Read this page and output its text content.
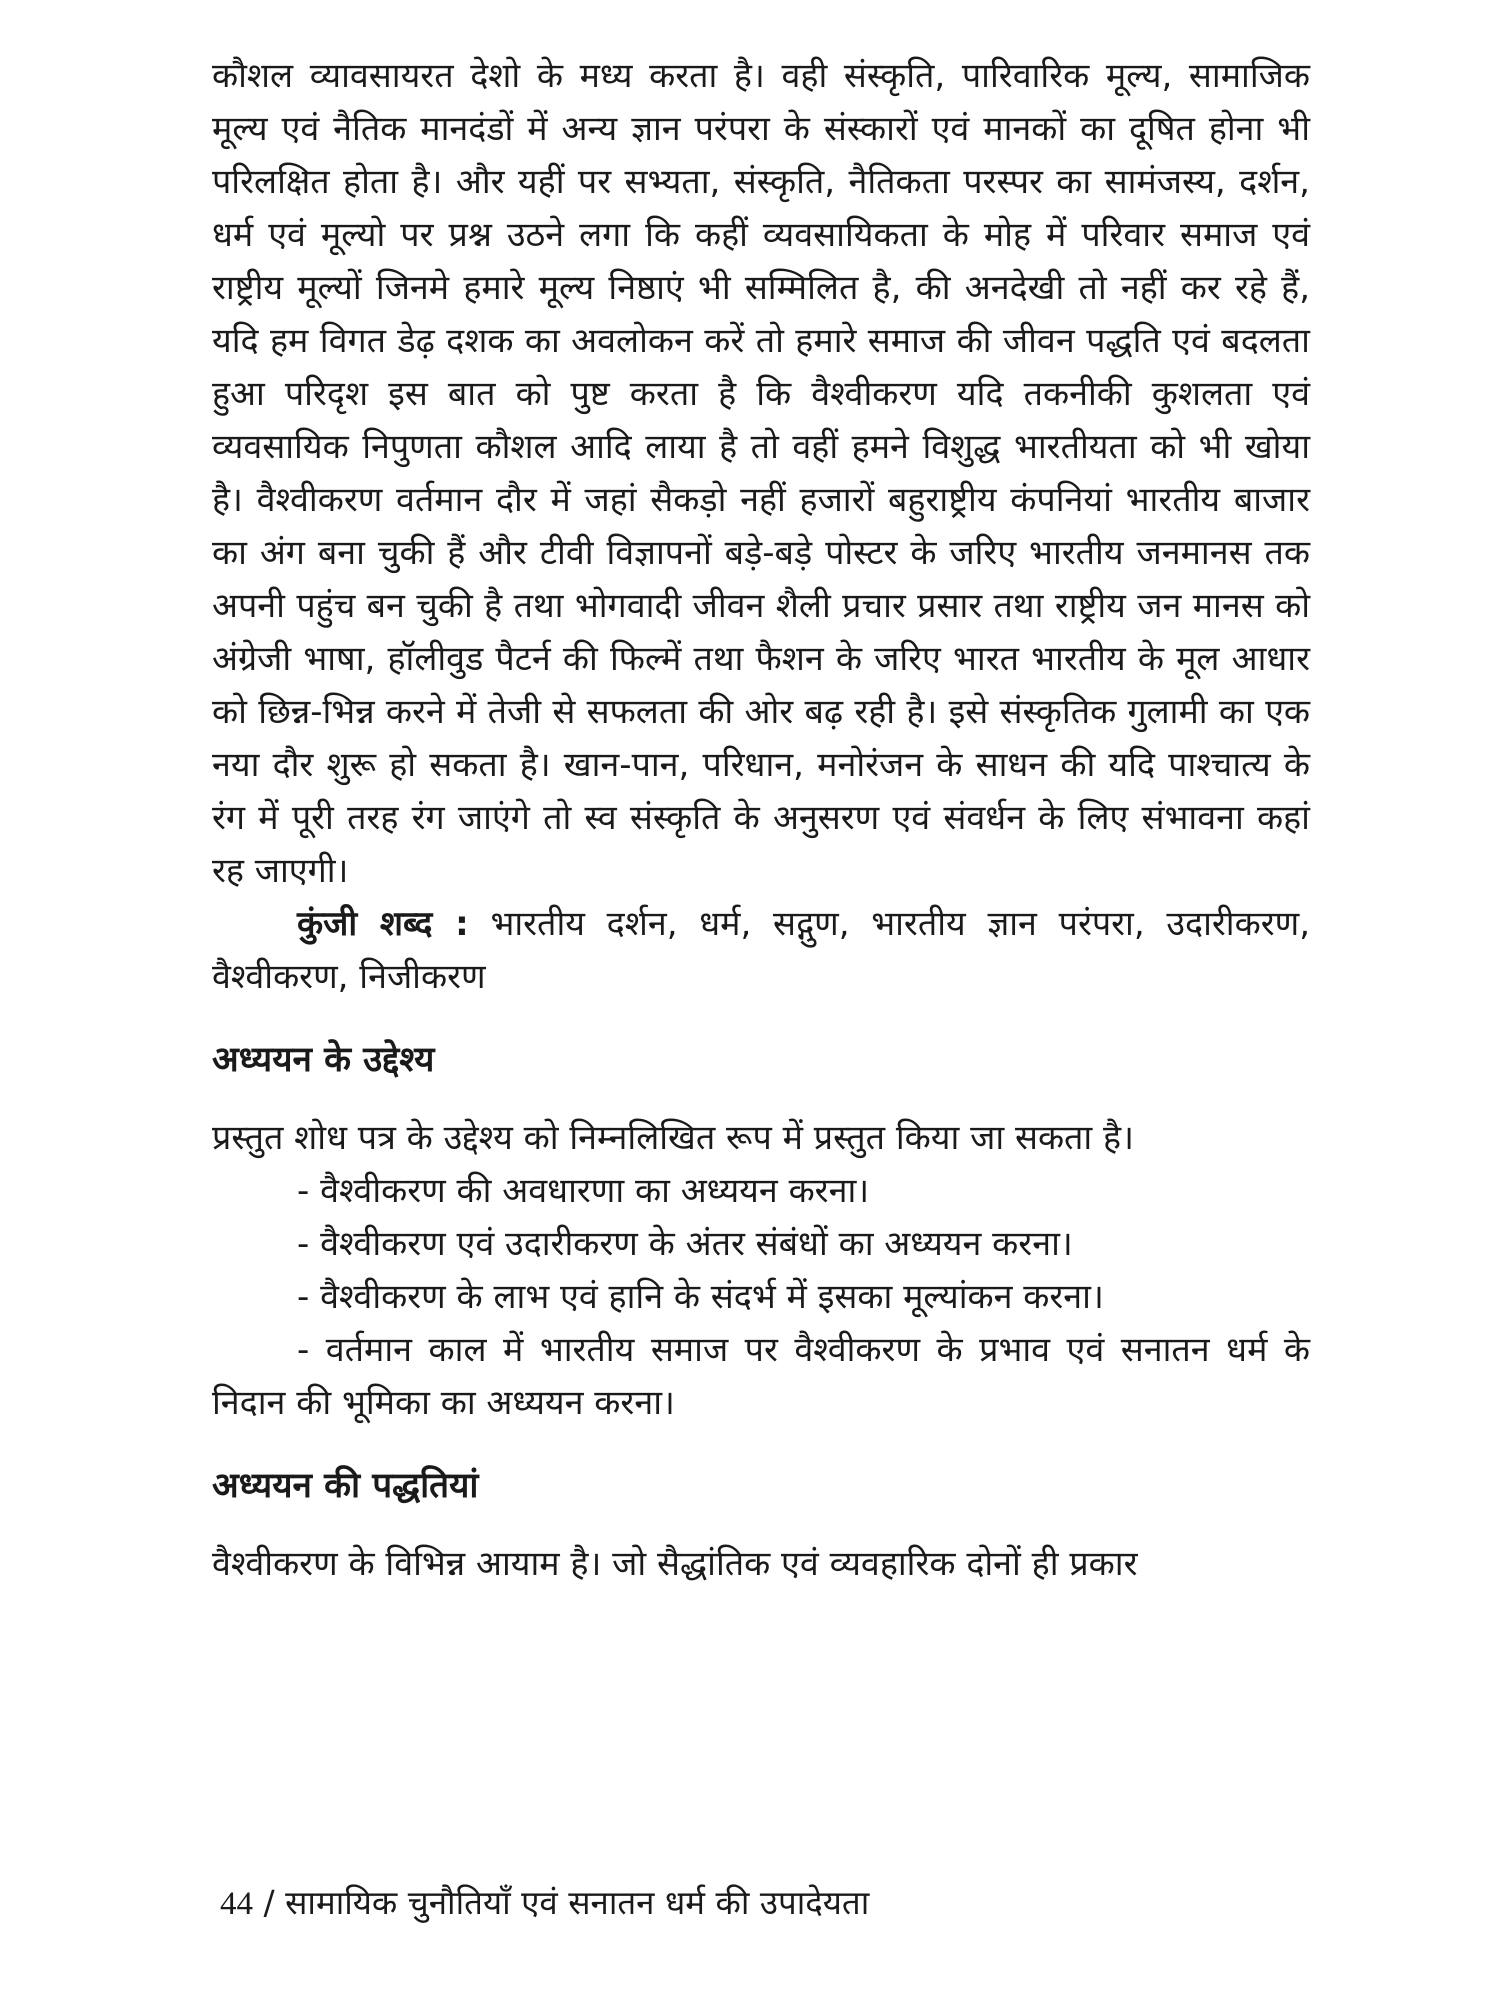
कौशल व्यावसायरत देशो के मध्य करता है। वही संस्कृति, पारिवारिक मूल्य, सामाजिक मूल्य एवं नैतिक मानदंडों में अन्य ज्ञान परंपरा के संस्कारों एवं मानकों का दूषित होना भी परिलक्षित होता है। और यहीं पर सभ्यता, संस्कृति, नैतिकता परस्पर का सामंजस्य, दर्शन, धर्म एवं मूल्यो पर प्रश्न उठने लगा कि कहीं व्यवसायिकता के मोह में परिवार समाज एवं राष्ट्रीय मूल्यों जिनमे हमारे मूल्य निष्ठाएं भी सम्मिलित है, की अनदेखी तो नहीं कर रहे हैं, यदि हम विगत डेढ़ दशक का अवलोकन करें तो हमारे समाज की जीवन पद्धति एवं बदलता हुआ परिदृश इस बात को पुष्ट करता है कि वैश्वीकरण यदि तकनीकी कुशलता एवं व्यवसायिक निपुणता कौशल आदि लाया है तो वहीं हमने विशुद्ध भारतीयता को भी खोया है। वैश्वीकरण वर्तमान दौर में जहां सैकड़ो नहीं हजारों बहुराष्ट्रीय कंपनियां भारतीय बाजार का अंग बना चुकी हैं और टीवी विज्ञापनों बड़े-बड़े पोस्टर के जरिए भारतीय जनमानस तक अपनी पहुंच बन चुकी है तथा भोगवादी जीवन शैली प्रचार प्रसार तथा राष्ट्रीय जन मानस को अंग्रेजी भाषा, हॉलीवुड पैटर्न की फिल्में तथा फैशन के जरिए भारत भारतीय के मूल आधार को छिन्न-भिन्न करने में तेजी से सफलता की ओर बढ़ रही है। इसे संस्कृतिक गुलामी का एक नया दौर शुरू हो सकता है। खान-पान, परिधान, मनोरंजन के साधन की यदि पाश्चात्य के रंग में पूरी तरह रंग जाएंगे तो स्व संस्कृति के अनुसरण एवं संवर्धन के लिए संभावना कहां रह जाएगी।

कुंजी शब्द : भारतीय दर्शन, धर्म, सद्गुण, भारतीय ज्ञान परंपरा, उदारीकरण, वैश्वीकरण, निजीकरण

अध्ययन के उद्देश्य

प्रस्तुत शोध पत्र के उद्देश्य को निम्नलिखित रूप में प्रस्तुत किया जा सकता है।

- वैश्वीकरण की अवधारणा का अध्ययन करना।
- वैश्वीकरण एवं उदारीकरण के अंतर संबंधों का अध्ययन करना।
- वैश्वीकरण के लाभ एवं हानि के संदर्भ में इसका मूल्यांकन करना।
- वर्तमान काल में भारतीय समाज पर वैश्वीकरण के प्रभाव एवं सनातन धर्म के निदान की भूमिका का अध्ययन करना।
अध्ययन की पद्धतियां

वैश्वीकरण के विभिन्न आयाम है। जो सैद्धांतिक एवं व्यवहारिक दोनों ही प्रकार

44 / सामायिक चुनौतियाँ एवं सनातन धर्म की उपादेयता
